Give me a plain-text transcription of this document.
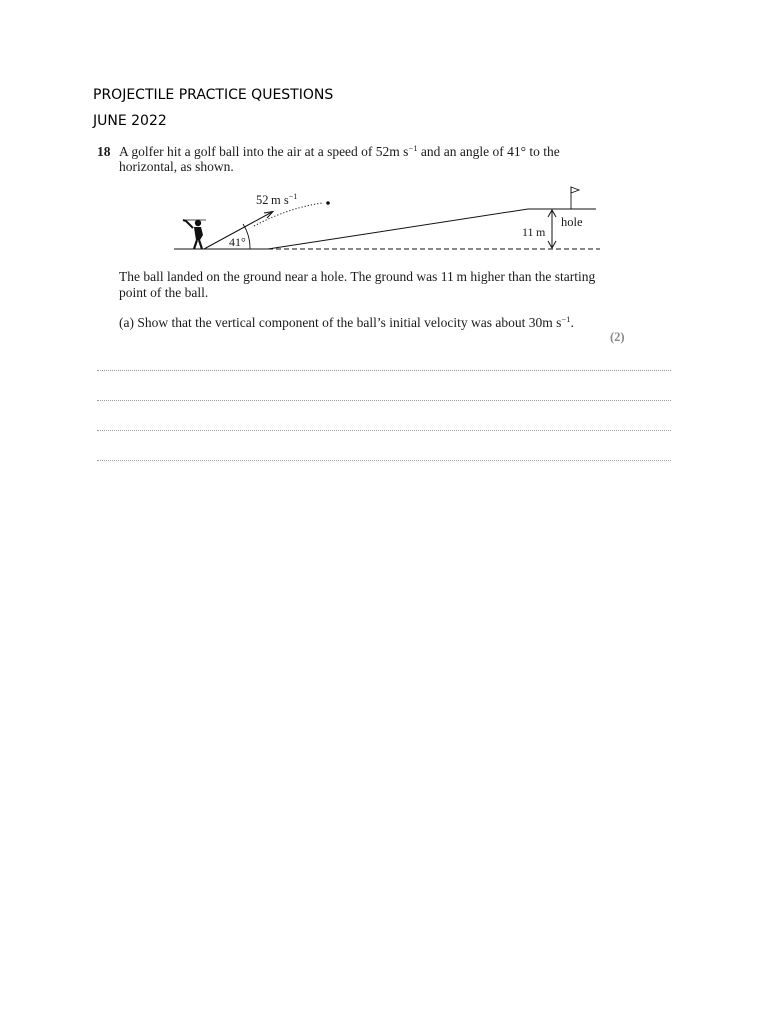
PROJECTILE PRACTICE QUESTIONS
JUNE 2022
18 A golfer hit a golf ball into the air at a speed of 52m $s^{-1}$ and an angle of 41° to the
horizontal, as shown.
52 m $s^{-1}$
41°
11 m
hole
The ball landed on the ground near a hole. The ground was 11 m higher than the starting
point of the ball.
(a) Show that the vertical component of the ball’s initial velocity was about 30m $s^{-1}$.
(2)
